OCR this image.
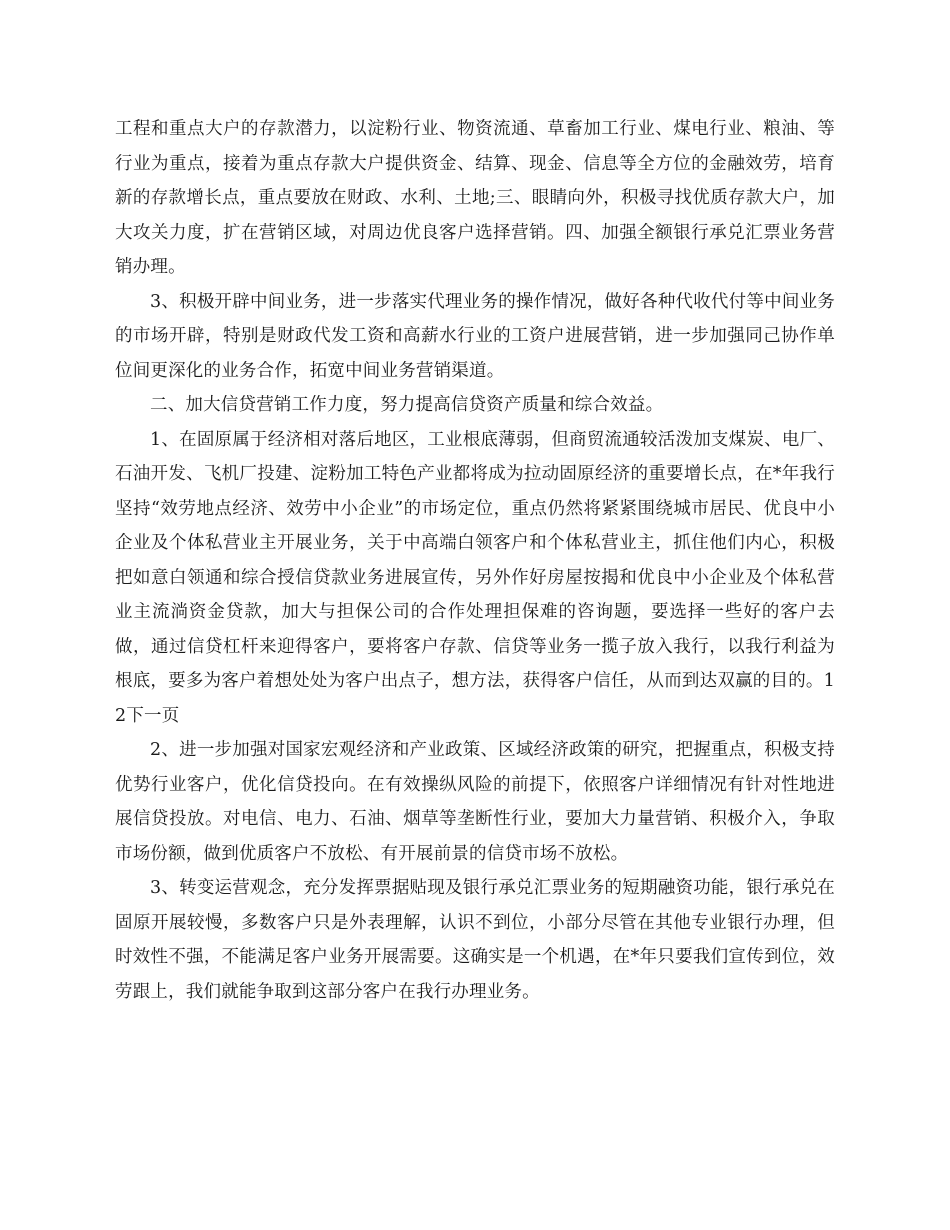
工程和重点大户的存款潜力，以淀粉行业、物资流通、草畜加工行业、煤电行业、粮油、等行业为重点，接着为重点存款大户提供资金、结算、现金、信息等全方位的金融效劳，培育新的存款增长点，重点要放在财政、水利、土地;三、眼睛向外，积极寻找优质存款大户，加大攻关力度，扩在营销区域，对周边优良客户选择营销。四、加强全额银行承兑汇票业务营销办理。

3、积极开辟中间业务，进一步落实代理业务的操作情况，做好各种代收代付等中间业务的市场开辟，特别是财政代发工资和高薪水行业的工资户进展营销，进一步加强同己协作单位间更深化的业务合作，拓宽中间业务营销渠道。

二、加大信贷营销工作力度，努力提高信贷资产质量和综合效益。

1、在固原属于经济相对落后地区，工业根底薄弱，但商贸流通较活泼加支煤炭、电厂、石油开发、飞机厂投建、淀粉加工特色产业都将成为拉动固原经济的重要增长点，在*年我行坚持“效劳地点经济、效劳中小企业”的市场定位，重点仍然将紧紧围绕城市居民、优良中小企业及个体私营业主开展业务，关于中高端白领客户和个体私营业主，抓住他们内心，积极把如意白领通和综合授信贷款业务进展宣传，另外作好房屋按揭和优良中小企业及个体私营业主流淌资金贷款，加大与担保公司的合作处理担保难的咨询题，要选择一些好的客户去做，通过信贷杠杆来迎得客户，要将客户存款、信贷等业务一揽子放入我行，以我行利益为根底，要多为客户着想处处为客户出点子，想方法，获得客户信任，从而到达双赢的目的。12下一页

2、进一步加强对国家宏观经济和产业政策、区域经济政策的研究，把握重点，积极支持优势行业客户，优化信贷投向。在有效操纵风险的前提下，依照客户详细情况有针对性地进展信贷投放。对电信、电力、石油、烟草等垄断性行业，要加大力量营销、积极介入，争取市场份额，做到优质客户不放松、有开展前景的信贷市场不放松。

3、转变运营观念，充分发挥票据贴现及银行承兑汇票业务的短期融资功能，银行承兑在固原开展较慢，多数客户只是外表理解，认识不到位，小部分尽管在其他专业银行办理，但时效性不强，不能满足客户业务开展需要。这确实是一个机遇，在*年只要我们宣传到位，效劳跟上，我们就能争取到这部分客户在我行办理业务。
